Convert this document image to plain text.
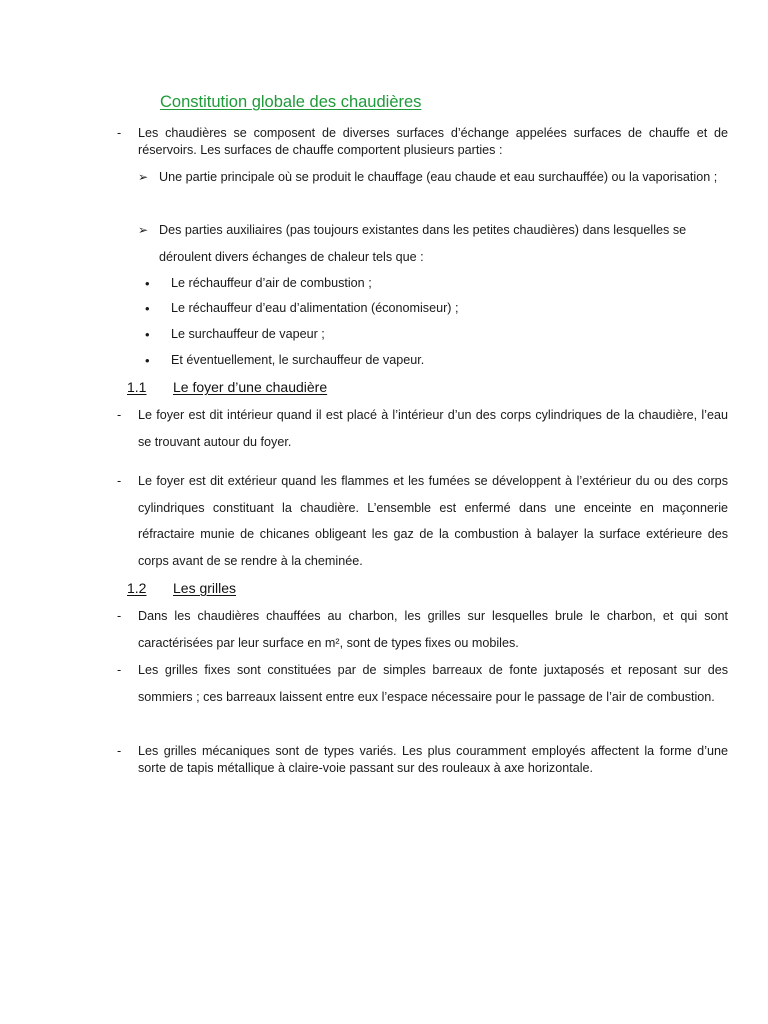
Constitution globale des chaudières
-	Les chaudières se composent de diverses surfaces d’échange appelées surfaces de chauffe et de réservoirs. Les surfaces de chauffe comportent plusieurs parties :
➢ Une partie principale où se produit le chauffage (eau chaude et eau surchauffée) ou la vaporisation ;
➢ Des parties auxiliaires (pas toujours existantes dans les petites chaudières) dans lesquelles se déroulent divers échanges de chaleur tels que :
• Le réchauffeur d’air de combustion ;
• Le réchauffeur d’eau d’alimentation (économiseur) ;
• Le surchauffeur de vapeur ;
• Et éventuellement, le surchauffeur de vapeur.
1.1 Le foyer d’une chaudière
-	Le foyer est dit intérieur quand il est placé à l’intérieur d’un des corps cylindriques de la chaudière, l’eau se trouvant autour du foyer.
-	Le foyer est dit extérieur quand les flammes et les fumées se développent à l’extérieur du ou des corps cylindriques constituant la chaudière. L’ensemble est enfermé dans une enceinte en maçonnerie réfractaire munie de chicanes obligeant les gaz de la combustion à balayer la surface extérieure des corps avant de se rendre à la cheminée.
1.2 Les grilles
-	Dans les chaudières chauffées au charbon, les grilles sur lesquelles brule le charbon, et qui sont caractérisées par leur surface en m², sont de types fixes ou mobiles.
-	Les grilles fixes sont constituées par de simples barreaux de fonte juxtaposés et reposant sur des sommiers ; ces barreaux laissent entre eux l’espace nécessaire pour le passage de l’air de combustion.
-	Les grilles mécaniques sont de types variés. Les plus couramment employés affectent la forme d’une sorte de tapis métallique à claire-voie passant sur des rouleaux à axe horizontale.
